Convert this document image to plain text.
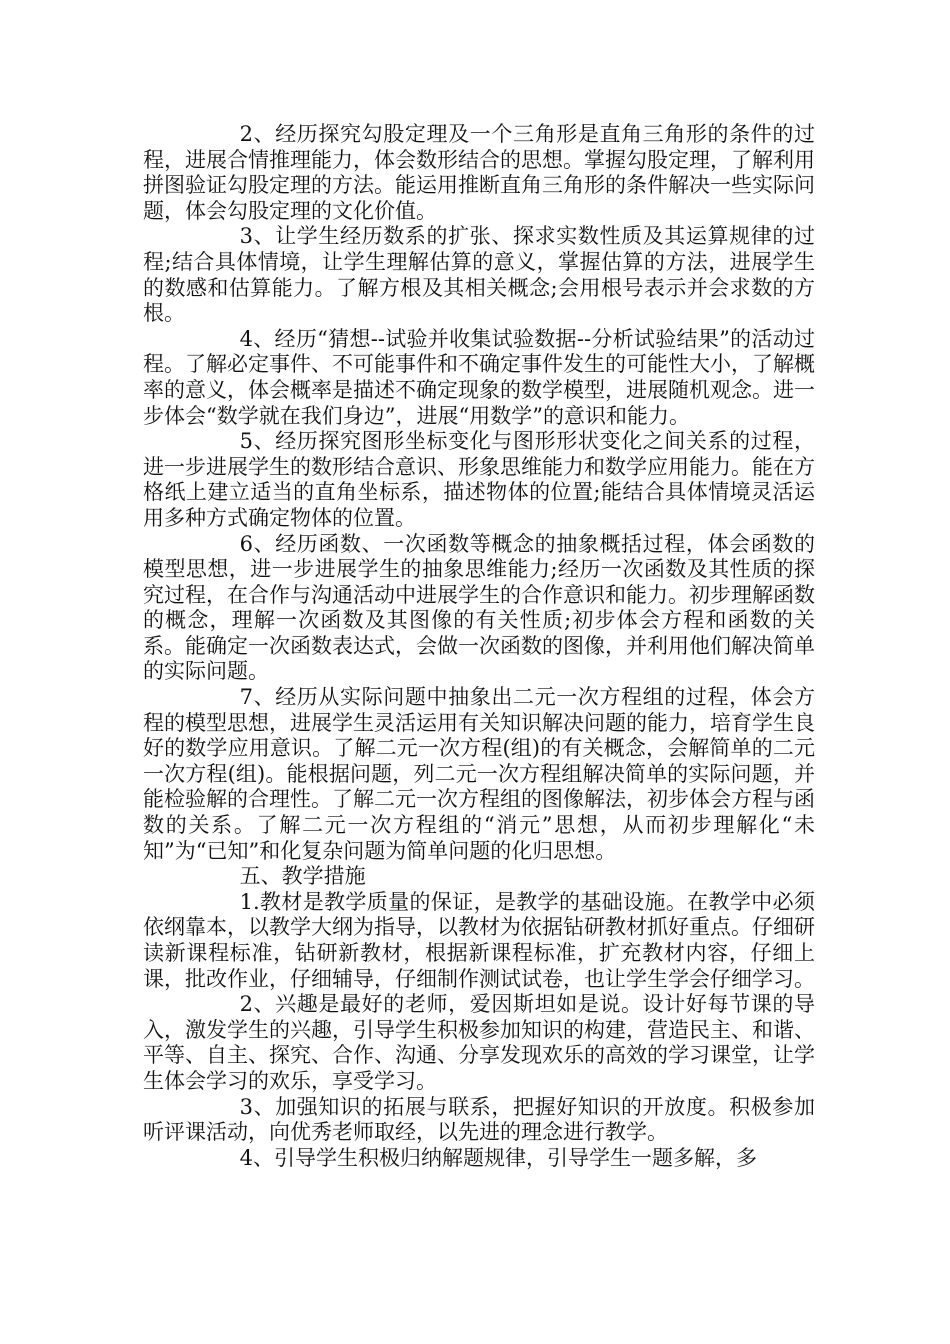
2、经历探究勾股定理及一个三角形是直角三角形的条件的过程，进展合情推理能力，体会数形结合的思想。掌握勾股定理，了解利用拼图验证勾股定理的方法。能运用推断直角三角形的条件解决一些实际问题，体会勾股定理的文化价值。

3、让学生经历数系的扩张、探求实数性质及其运算规律的过程;结合具体情境，让学生理解估算的意义，掌握估算的方法，进展学生的数感和估算能力。了解方根及其相关概念;会用根号表示并会求数的方根。

4、经历“猜想--试验并收集试验数据--分析试验结果”的活动过程。了解必定事件、不可能事件和不确定事件发生的可能性大小，了解概率的意义，体会概率是描述不确定现象的数学模型，进展随机观念。进一步体会“数学就在我们身边”，进展“用数学”的意识和能力。

5、经历探究图形坐标变化与图形形状变化之间关系的过程，进一步进展学生的数形结合意识、形象思维能力和数学应用能力。能在方格纸上建立适当的直角坐标系，描述物体的位置;能结合具体情境灵活运用多种方式确定物体的位置。

6、经历函数、一次函数等概念的抽象概括过程，体会函数的模型思想，进一步进展学生的抽象思维能力;经历一次函数及其性质的探究过程，在合作与沟通活动中进展学生的合作意识和能力。初步理解函数的概念，理解一次函数及其图像的有关性质;初步体会方程和函数的关系。能确定一次函数表达式，会做一次函数的图像，并利用他们解决简单的实际问题。

7、经历从实际问题中抽象出二元一次方程组的过程，体会方程的模型思想，进展学生灵活运用有关知识解决问题的能力，培育学生良好的数学应用意识。了解二元一次方程(组)的有关概念，会解简单的二元一次方程(组)。能根据问题，列二元一次方程组解决简单的实际问题，并能检验解的合理性。了解二元一次方程组的图像解法，初步体会方程与函数的关系。了解二元一次方程组的“消元”思想，从而初步理解化“未知”为“已知”和化复杂问题为简单问题的化归思想。

五、教学措施

1.教材是教学质量的保证，是教学的基础设施。在教学中必须依纲靠本，以教学大纲为指导，以教材为依据钻研教材抓好重点。仔细研读新课程标准，钻研新教材，根据新课程标准，扩充教材内容，仔细上课，批改作业，仔细辅导，仔细制作测试试卷，也让学生学会仔细学习。

2、兴趣是最好的老师，爱因斯坦如是说。设计好每节课的导入，激发学生的兴趣，引导学生积极参加知识的构建，营造民主、和谐、平等、自主、探究、合作、沟通、分享发现欢乐的高效的学习课堂，让学生体会学习的欢乐，享受学习。

3、加强知识的拓展与联系，把握好知识的开放度。积极参加听评课活动，向优秀老师取经，以先进的理念进行教学。

4、引导学生积极归纳解题规律，引导学生一题多解，多
